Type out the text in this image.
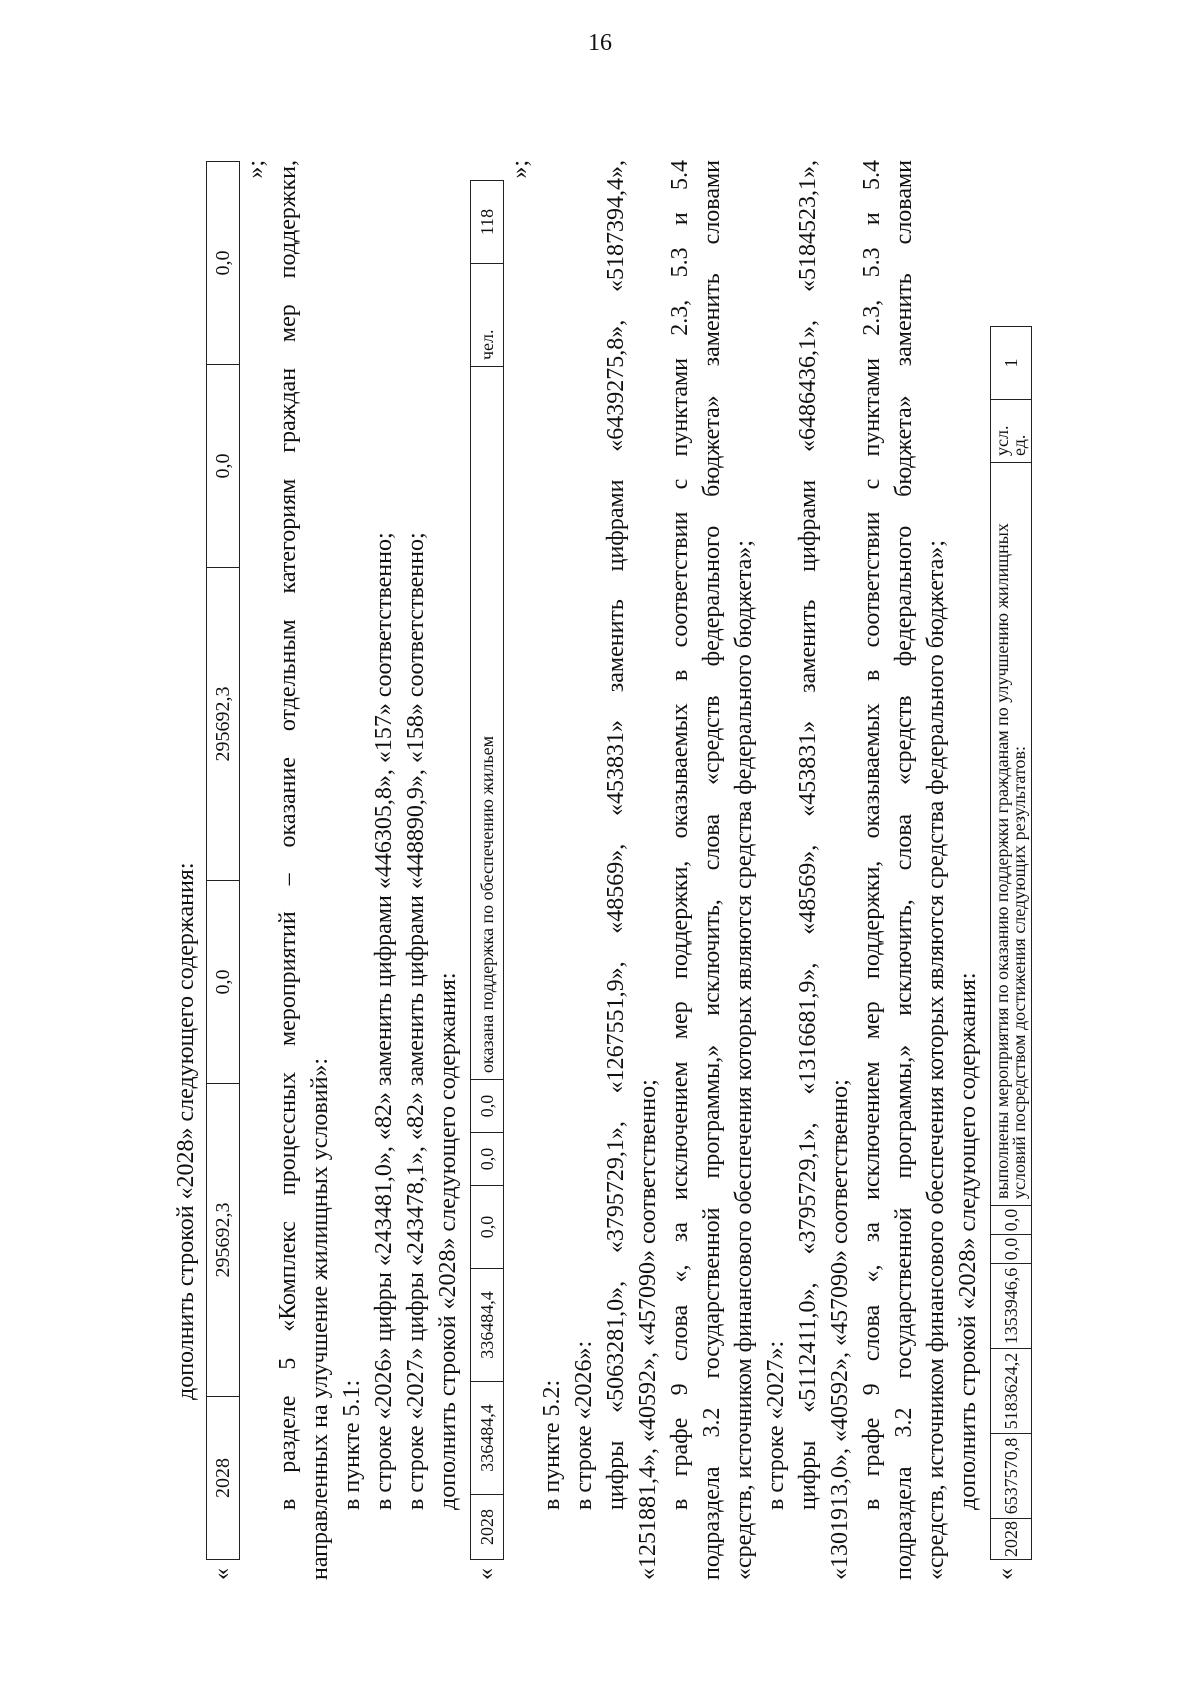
16
дополнить строкой «2028» следующего содержания:
«
2028	295692,3	0,0	295692,3	0,0	0,0
»; в разделе 5 «Комплекс процессных мероприятий – оказание отдельным категориям граждан мер поддержки, направленных на улучшение жилищных условий»: в пункте 5.1: в строке «2026» цифры «243481,0», «82» заменить цифрами «446305,8», «157» соответственно; в строке «2027» цифры «243478,1», «82» заменить цифрами «448890,9», «158» соответственно; дополнить строкой «2028» следующего содержания:
«
2028	336484,4	336484,4	0,0	0,0	0,0	оказана поддержка по обеспечению жильем	чел.	118
»;
в пункте 5.2: в строке «2026»: цифры «5063281,0», «3795729,1», «1267551,9», «48569», «453831» заменить цифрами «6439275,8», «5187394,4», «1251881,4», «40592», «457090» соответственно; в графе 9 слова «, за исключением мер поддержки, оказываемых в соответствии с пунктами 2.3, 5.3 и 5.4 подраздела 3.2 государственной программы,» исключить, слова «средств федерального бюджета» заменить словами «средств, источником финансового обеспечения которых являются средства федерального бюджета»; в строке «2027»: цифры «5112411,0», «3795729,1», «1316681,9», «48569», «453831» заменить цифрами «6486436,1», «5184523,1», «1301913,0», «40592», «457090» соответственно; в графе 9 слова «, за исключением мер поддержки, оказываемых в соответствии с пунктами 2.3, 5.3 и 5.4 подраздела 3.2 государственной программы,» исключить, слова «средств федерального бюджета» заменить словами «средств, источником финансового обеспечения которых являются средства федерального бюджета»; дополнить строкой «2028» следующего содержания:
«
2028	6537570,8	5183624,2	1353946,6	0,0	0,0	выполнены мероприятия по оказанию поддержки гражданам по улучшению жилищных условий посредством достижения следующих результатов:	усл. ед.	1
